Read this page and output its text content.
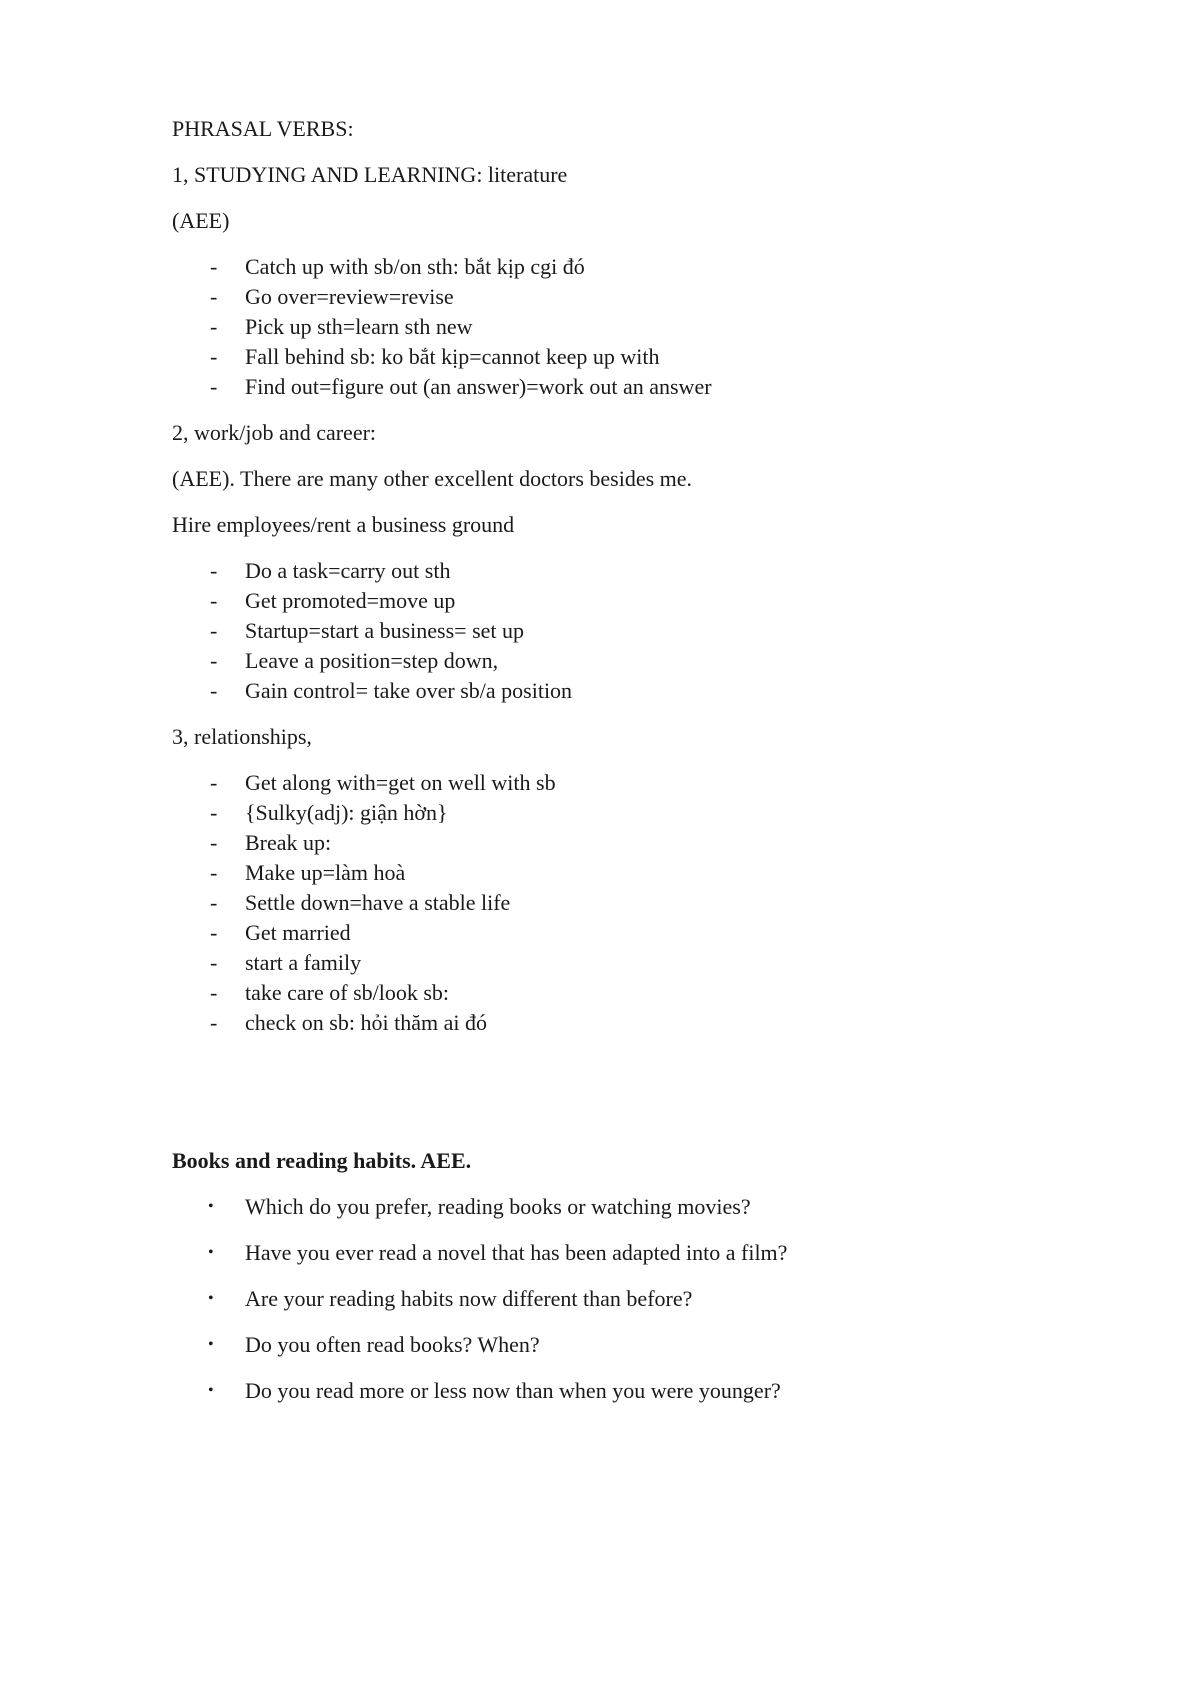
PHRASAL VERBS:

1, STUDYING AND LEARNING: literature

(AEE)

- Catch up with sb/on sth: bắt kịp cgi đó
- Go over=review=revise
- Pick up sth=learn sth new
- Fall behind sb: ko bắt kịp=cannot keep up with
- Find out=figure out (an answer)=work out an answer

2, work/job and career:

(AEE). There are many other excellent doctors besides me.

Hire employees/rent a business ground

- Do a task=carry out sth
- Get promoted=move up
- Startup=start a business= set up
- Leave a position=step down,
- Gain control= take over sb/a position

3, relationships,

- Get along with=get on well with sb
- {Sulky(adj): giận hờn}
- Break up:
- Make up=làm hoà
- Settle down=have a stable life
- Get married
- start a family
- take care of sb/look sb:
- check on sb: hỏi thăm ai đó

Books and reading habits. AEE.

• Which do you prefer, reading books or watching movies?
• Have you ever read a novel that has been adapted into a film?
• Are your reading habits now different than before?
• Do you often read books? When?
• Do you read more or less now than when you were younger?
